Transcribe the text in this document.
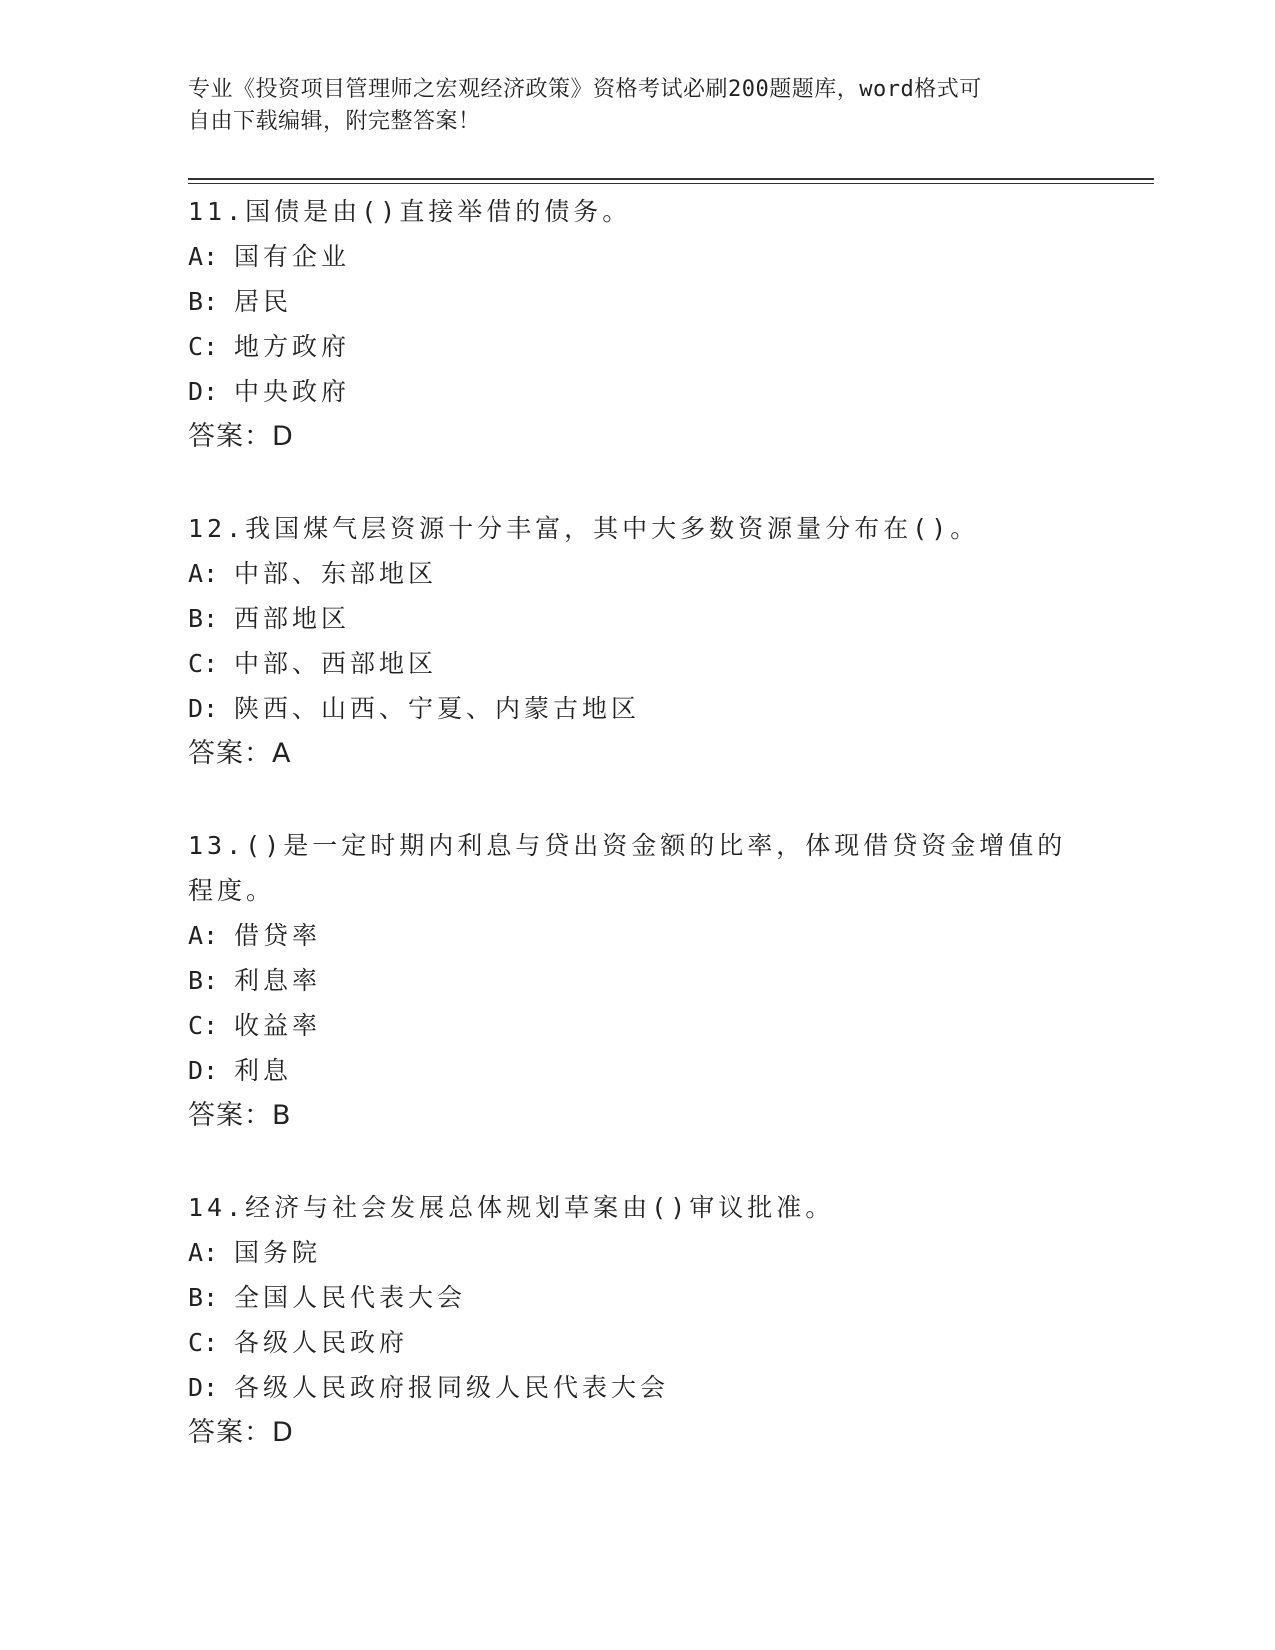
专业《投资项目管理师之宏观经济政策》资格考试必刷200题题库，word格式可
自由下载编辑，附完整答案！
11.国债是由()直接举借的债务。
A: 国有企业
B: 居民
C: 地方政府
D: 中央政府
答案：D
12.我国煤气层资源十分丰富，其中大多数资源量分布在()。
A: 中部、东部地区
B: 西部地区
C: 中部、西部地区
D: 陕西、山西、宁夏、内蒙古地区
答案：A
13.()是一定时期内利息与贷出资金额的比率，体现借贷资金增值的程度。
A: 借贷率
B: 利息率
C: 收益率
D: 利息
答案：B
14.经济与社会发展总体规划草案由()审议批准。
A: 国务院
B: 全国人民代表大会
C: 各级人民政府
D: 各级人民政府报同级人民代表大会
答案：D
